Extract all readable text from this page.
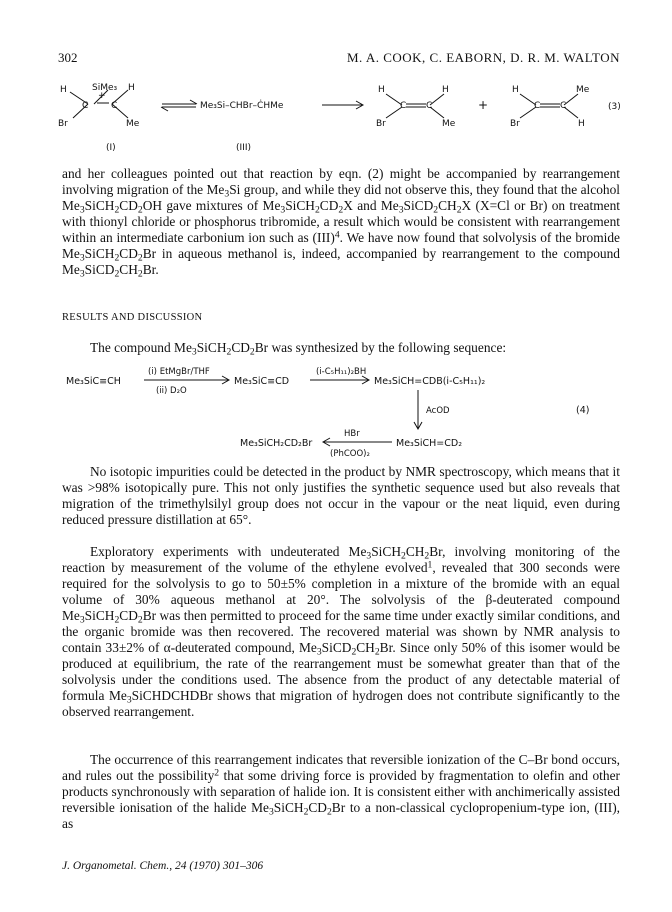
302	M. A. COOK, C. EABORN, D. R. M. WALTON
H	SiMe₃ H
+
C	C
Br	Me
(I)
Me₃Si–CHBr–ĊHMe
(III)
H	H
C C
Br	Me
+
H	Me
C C
Br	H
(3)

and her colleagues pointed out that reaction by eqn. (2) might be accompanied by rearrangement involving migration of the $Me_3Si$ group, and while they did not observe this, they found that the alcohol $Me_3SiCH_2CD_2OH$ gave mixtures of $Me_3SiCH_2CD_2X$ and $Me_3SiCD_2CH_2X$ (X=Cl or Br) on treatment with thionyl chloride or phosphorus tribromide, a result which would be consistent with rearrangement within an intermediate carbonium ion such as (III)$^4$. We have now found that solvolysis of the bromide $Me_3SiCH_2CD_2Br$ in aqueous methanol is, indeed, accompanied by rearrangement to the compound $Me_3SiCD_2CH_2Br$.

RESULTS AND DISCUSSION

The compound $Me_3SiCH_2CD_2Br$ was synthesized by the following sequence:

Me₃SiC≡CH
(i) EtMgBr/THF
(ii) D₂O
Me₃SiC≡CD
(i-C₅H₁₁)₂BH
Me₃SiCH=CDB(i-C₅H₁₁)₂
AcOD	(4)
Me₃SiCH=CD₂
HBr
(PhCOO)₂
Me₃SiCH₂CD₂Br

No isotopic impurities could be detected in the product by NMR spectroscopy, which means that it was >98% isotopically pure. This not only justifies the synthetic sequence used but also reveals that migration of the trimethylsilyl group does not occur in the vapour or the neat liquid, even during reduced pressure distillation at 65°.

Exploratory experiments with undeuterated $Me_3SiCH_2CH_2Br$, involving monitoring of the reaction by measurement of the volume of the ethylene evolved$^1$, revealed that 300 seconds were required for the solvolysis to go to 50±5% completion in a mixture of the bromide with an equal volume of 30% aqueous methanol at 20°. The solvolysis of the β-deuterated compound $Me_3SiCH_2CD_2Br$ was then permitted to proceed for the same time under exactly similar conditions, and the organic bromide was then recovered. The recovered material was shown by NMR analysis to contain 33±2% of α-deuterated compound, $Me_3SiCD_2CH_2Br$. Since only 50% of this isomer would be produced at equilibrium, the rate of the rearrangement must be somewhat greater than that of the solvolysis under the conditions used. The absence from the product of any detectable material of formula $Me_3SiCHDCHDBr$ shows that migration of hydrogen does not contribute significantly to the observed rearrangement.

The occurrence of this rearrangement indicates that reversible ionization of the C–Br bond occurs, and rules out the possibility$^2$ that some driving force is provided by fragmentation to olefin and other products synchronously with separation of halide ion. It is consistent either with anchimerically assisted reversible ionisation of the halide $Me_3SiCH_2CD_2Br$ to a non-classical cyclopropenium-type ion, (III), as

J. Organometal. Chem., 24 (1970) 301–306
